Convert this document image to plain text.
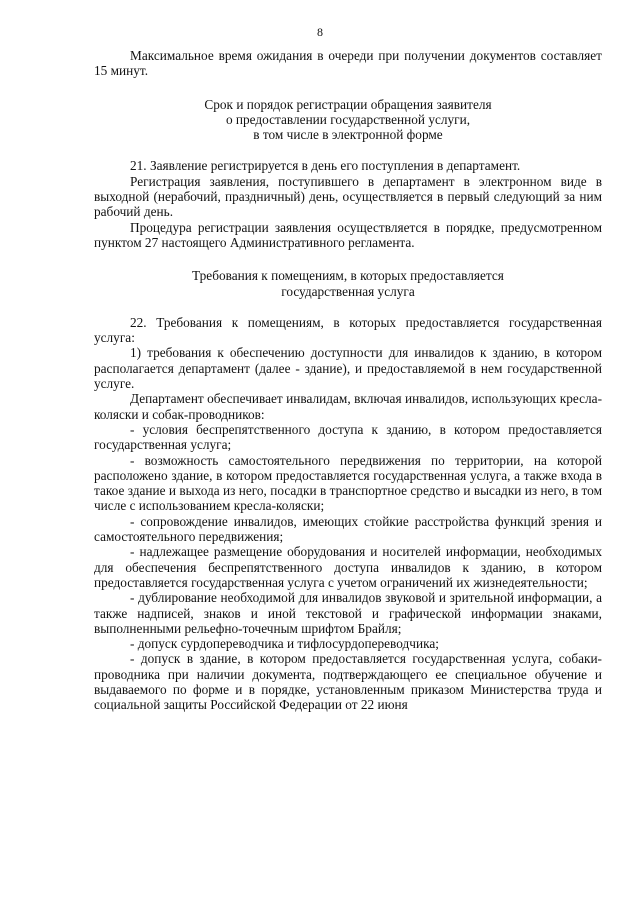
8

Максимальное время ожидания в очереди при получении документов составляет 15 минут.

Срок и порядок регистрации обращения заявителя

о предоставлении государственной услуги,

в том числе в электронной форме

21. Заявление регистрируется в день его поступления в департамент.

Регистрация заявления, поступившего в департамент в электронном виде в выходной (нерабочий, праздничный) день, осуществляется в первый следующий за ним рабочий день.

Процедура регистрации заявления осуществляется в порядке, предусмотренном пунктом 27 настоящего Административного регламента.

Требования к помещениям, в которых предоставляется

государственная услуга

22. Требования к помещениям, в которых предоставляется государственная услуга:

1) требования к обеспечению доступности для инвалидов к зданию, в котором располагается департамент (далее - здание), и предоставляемой в нем государственной услуге.

Департамент обеспечивает инвалидам, включая инвалидов, использующих кресла-коляски и собак-проводников:

- условия беспрепятственного доступа к зданию, в котором предоставляется государственная услуга;

- возможность самостоятельного передвижения по территории, на которой расположено здание, в котором предоставляется государственная услуга, а также входа в такое здание и выхода из него, посадки в транспортное средство и высадки из него, в том числе с использованием кресла-коляски;

- сопровождение инвалидов, имеющих стойкие расстройства функций зрения и самостоятельного передвижения;

- надлежащее размещение оборудования и носителей информации, необходимых для обеспечения беспрепятственного доступа инвалидов к зданию, в котором предоставляется государственная услуга с учетом ограничений их жизнедеятельности;

- дублирование необходимой для инвалидов звуковой и зрительной информации, а также надписей, знаков и иной текстовой и графической информации знаками, выполненными рельефно-точечным шрифтом Брайля;

- допуск сурдопереводчика и тифлосурдопереводчика;

- допуск в здание, в котором предоставляется государственная услуга, собаки-проводника при наличии документа, подтверждающего ее специальное обучение и выдаваемого по форме и в порядке, установленным приказом Министерства труда и социальной защиты Российской Федерации от 22 июня
